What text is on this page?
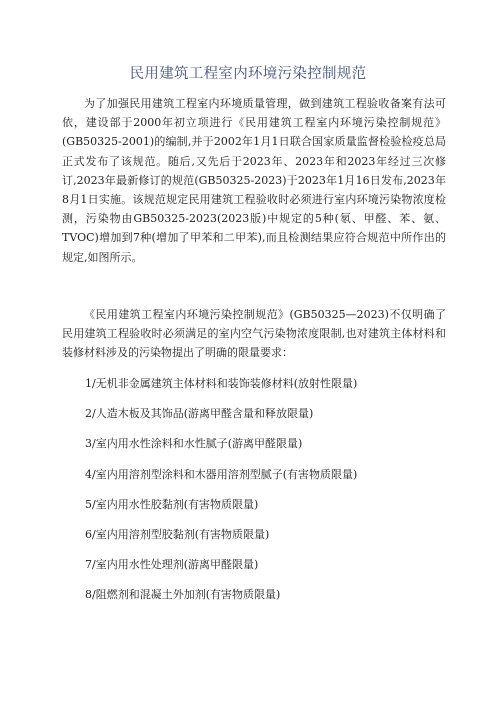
民用建筑工程室内环境污染控制规范

为了加强民用建筑工程室内环境质量管理，做到建筑工程验收备案有法可依，建设部于2000年初立项进行《民用建筑工程室内环境污染控制规范》(GB50325-2001)的编制,并于2002年1月1日联合国家质量监督检验检疫总局正式发布了该规范。随后,又先后于2023年、2023年和2023年经过三次修订,2023年最新修订的规范(GB50325-2023)于2023年1月16日发布,2023年8月1日实施。该规范规定民用建筑工程验收时必须进行室内环境污染物浓度检测，污染物由GB50325-2023(2023版)中规定的5种(氡、甲醛、苯、氨、TVOC)增加到7种(增加了甲苯和二甲苯),而且检测结果应符合规范中所作出的规定,如图所示。

《民用建筑工程室内环境污染控制规范》(GB50325—2023)不仅明确了民用建筑工程验收时必须满足的室内空气污染物浓度限制,也对建筑主体材料和装修材料涉及的污染物提出了明确的限量要求：

1/无机非金属建筑主体材料和装饰装修材料(放射性限量)
2/人造木板及其饰品(游离甲醛含量和释放限量)
3/室内用水性涂料和水性腻子(游离甲醛限量)
4/室内用溶剂型涂料和木器用溶剂型腻子(有害物质限量)
5/室内用水性胶黏剂(有害物质限量)
6/室内用溶剂型胶黏剂(有害物质限量)
7/室内用水性处理剂(游离甲醛限量)
8/阻燃剂和混凝土外加剂(有害物质限量)
